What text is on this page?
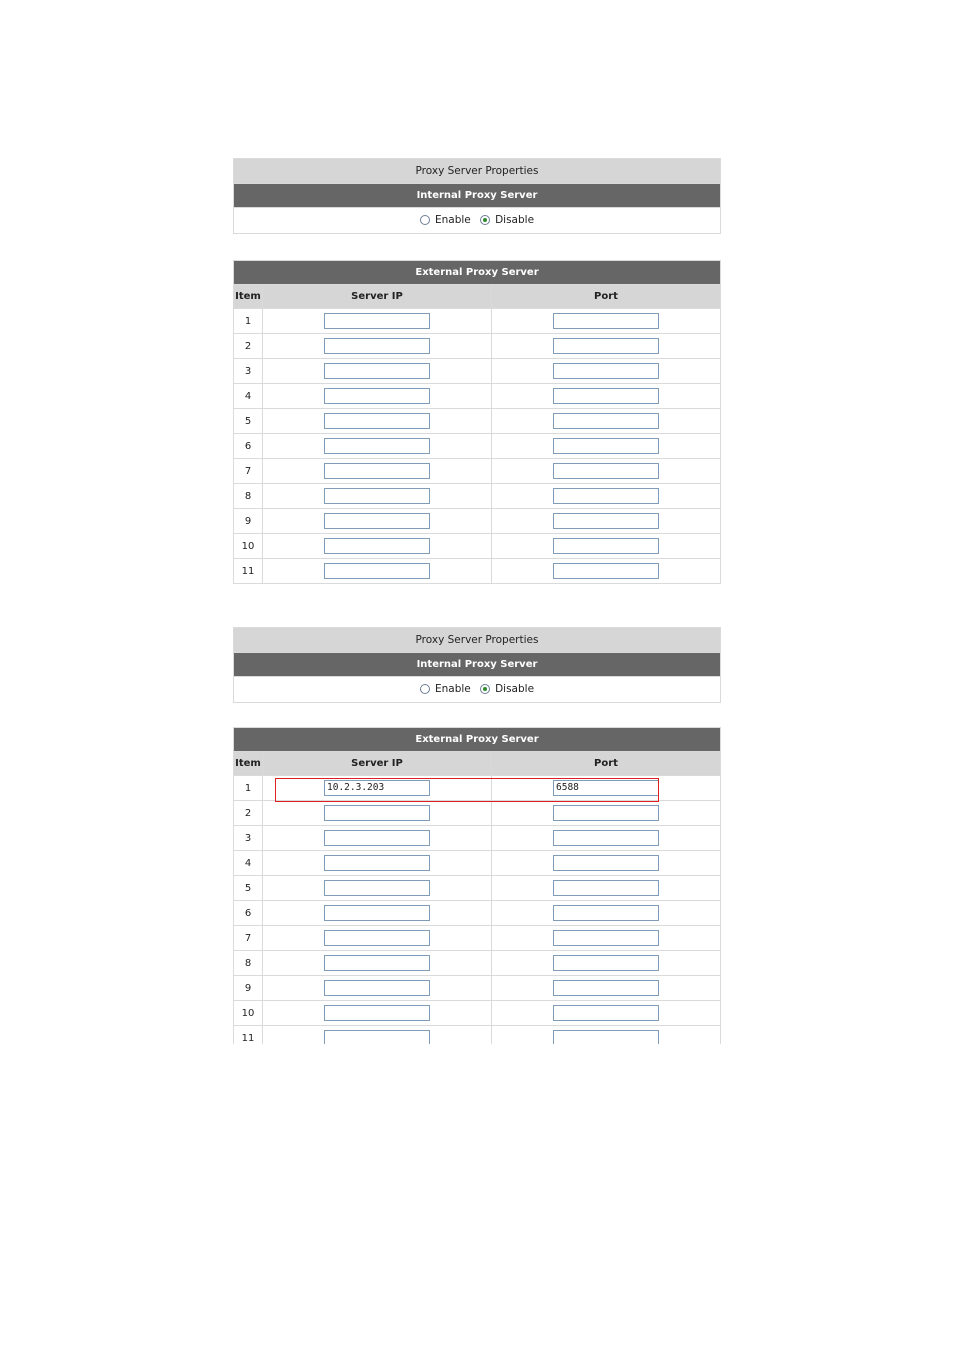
Proxy Server Properties
Internal Proxy Server

Enable
Disable
External Proxy Server		
Item	Server IP	Port
1		
2		
3		
4		
5		
6		
7		
8		
9		
10		
11		
Proxy Server Properties
Internal Proxy Server

Enable
Disable
External Proxy Server		
Item	Server IP	Port
1	10.2.3.203	6588
2		
3		
4		
5		
6		
7		
8		
9		
10		
11		
